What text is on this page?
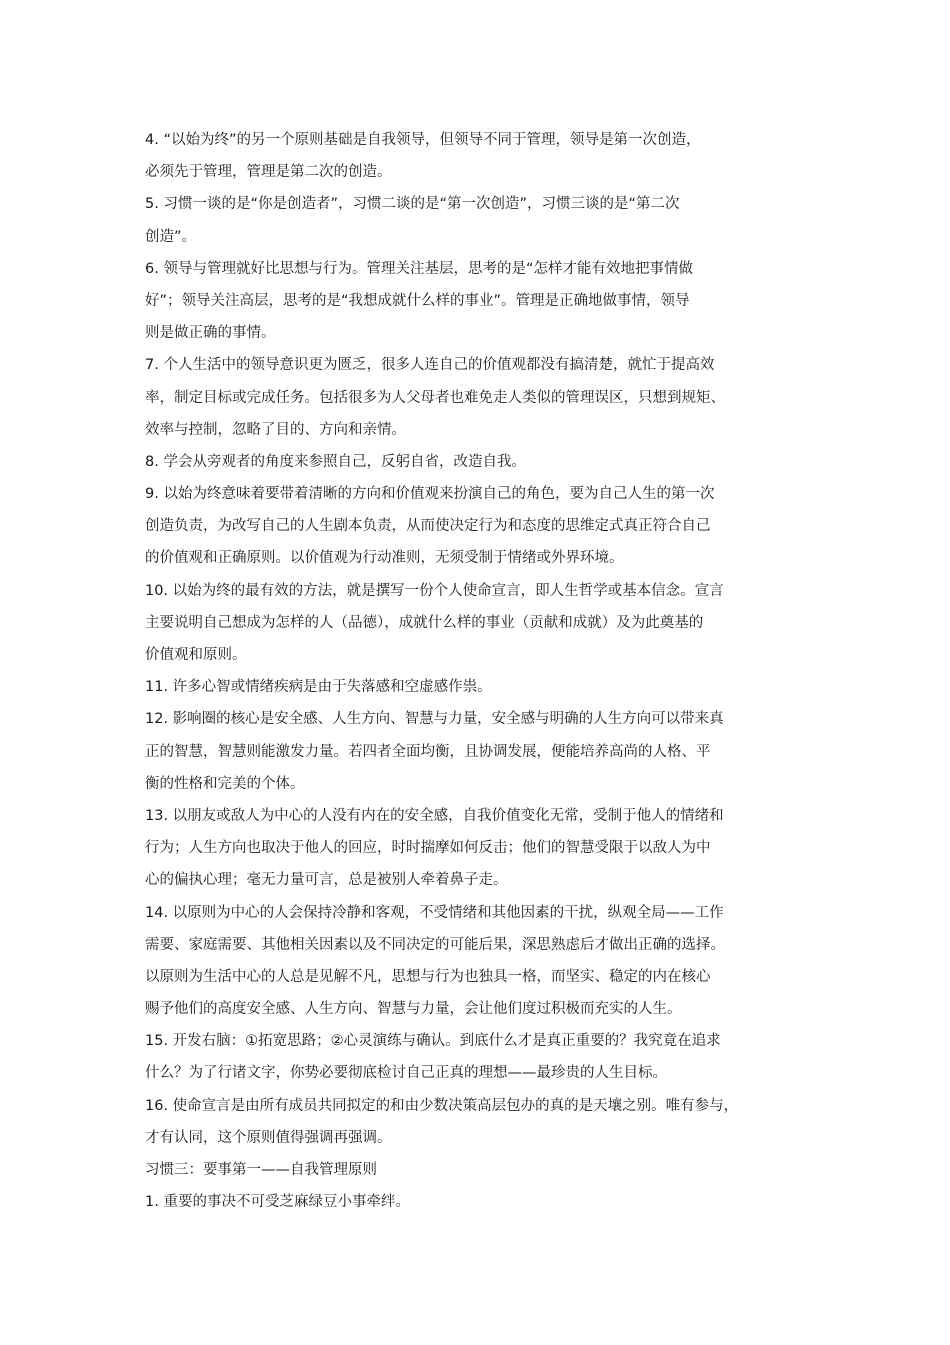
4. “以始为终”的另一个原则基础是自我领导，但领导不同于管理，领导是第一次创造，
必须先于管理，管理是第二次的创造。
5. 习惯一谈的是“你是创造者”，习惯二谈的是“第一次创造”，习惯三谈的是“第二次
创造”。
6. 领导与管理就好比思想与行为。管理关注基层，思考的是“怎样才能有效地把事情做
好”；领导关注高层，思考的是“我想成就什么样的事业”。管理是正确地做事情，领导
则是做正确的事情。
7. 个人生活中的领导意识更为匮乏，很多人连自己的价值观都没有搞清楚，就忙于提高效
率，制定目标或完成任务。包括很多为人父母者也难免走人类似的管理误区，只想到规矩、
效率与控制，忽略了目的、方向和亲情。
8. 学会从旁观者的角度来参照自己，反躬自省，改造自我。
9. 以始为终意味着要带着清晰的方向和价值观来扮演自己的角色，要为自己人生的第一次
创造负责，为改写自己的人生剧本负责，从而使决定行为和态度的思维定式真正符合自己
的价值观和正确原则。以价值观为行动准则，无须受制于情绪或外界环境。
10. 以始为终的最有效的方法，就是撰写一份个人使命宣言，即人生哲学或基本信念。宣言
主要说明自己想成为怎样的人（品德），成就什么样的事业（贡献和成就）及为此奠基的
价值观和原则。
11. 许多心智或情绪疾病是由于失落感和空虚感作祟。
12. 影响圈的核心是安全感、人生方向、智慧与力量，安全感与明确的人生方向可以带来真
正的智慧，智慧则能激发力量。若四者全面均衡，且协调发展，便能培养高尚的人格、平
衡的性格和完美的个体。
13. 以朋友或敌人为中心的人没有内在的安全感，自我价值变化无常，受制于他人的情绪和
行为；人生方向也取决于他人的回应，时时揣摩如何反击；他们的智慧受限于以敌人为中
心的偏执心理；毫无力量可言，总是被别人牵着鼻子走。
14. 以原则为中心的人会保持冷静和客观，不受情绪和其他因素的干扰，纵观全局——工作
需要、家庭需要、其他相关因素以及不同决定的可能后果，深思熟虑后才做出正确的选择。
以原则为生活中心的人总是见解不凡，思想与行为也独具一格，而坚实、稳定的内在核心
赐予他们的高度安全感、人生方向、智慧与力量，会让他们度过积极而充实的人生。
15. 开发右脑：①拓宽思路；②心灵演练与确认。到底什么才是真正重要的？我究竟在追求
什么？为了行诸文字，你势必要彻底检讨自己正真的理想——最珍贵的人生目标。
16. 使命宣言是由所有成员共同拟定的和由少数决策高层包办的真的是天壤之别。唯有参与，
才有认同，这个原则值得强调再强调。
习惯三：要事第一——自我管理原则
1. 重要的事决不可受芝麻绿豆小事牵绊。
